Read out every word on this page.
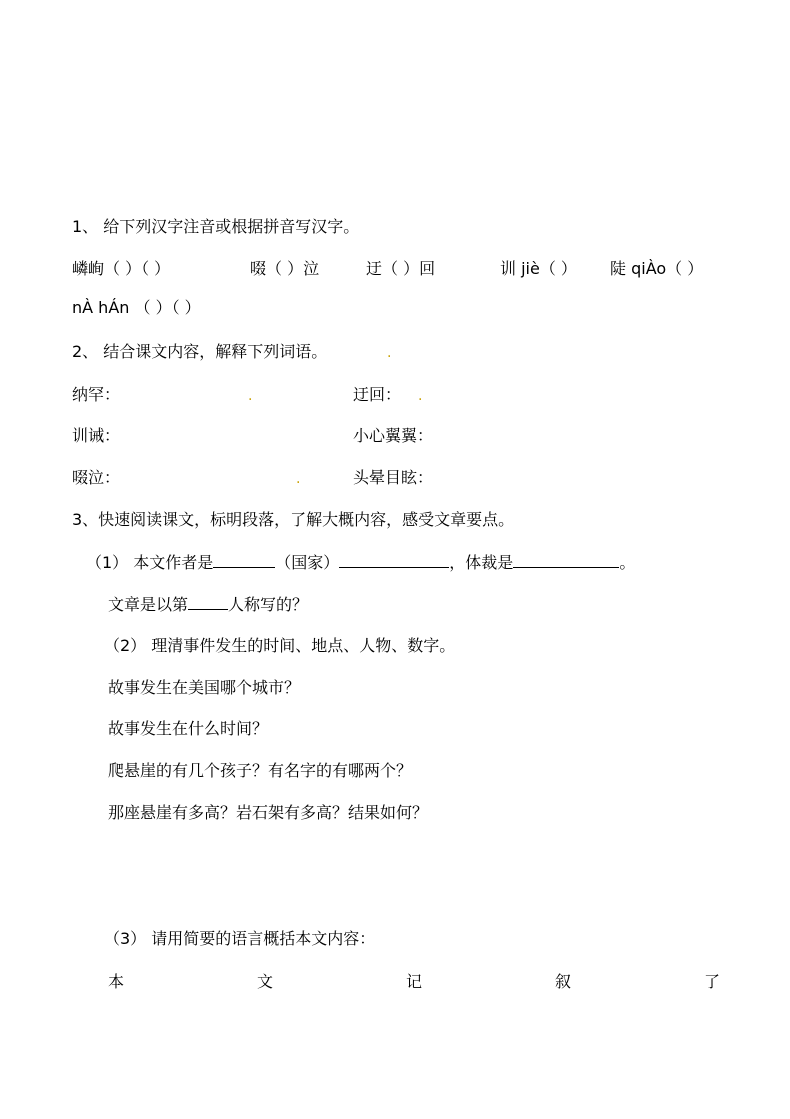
1、 给下列汉字注音或根据拼音写汉字。
嶙峋（ ）（ ）	啜（ ）泣	迂（ ）回	训 jiè（ ） 陡 qiÀo（ ）
nÀ hÁn （ ）（ ）
2、 结合课文内容，解释下列词语。	.
纳罕：	.	迂回： .
训诫：	小心翼翼：
啜泣：	.	头晕目眩：
3、快速阅读课文，标明段落，了解大概内容，感受文章要点。
（1） 本文作者是	（国家）	，体裁是	。
文章是以第	人称写的？
（2） 理清事件发生的时间、地点、人物、数字。
故事发生在美国哪个城市？
故事发生在什么时间？
爬悬崖的有几个孩子？有名字的有哪两个？
那座悬崖有多高？岩石架有多高？结果如何？
（3） 请用简要的语言概括本文内容：
本	文	记	叙	了
